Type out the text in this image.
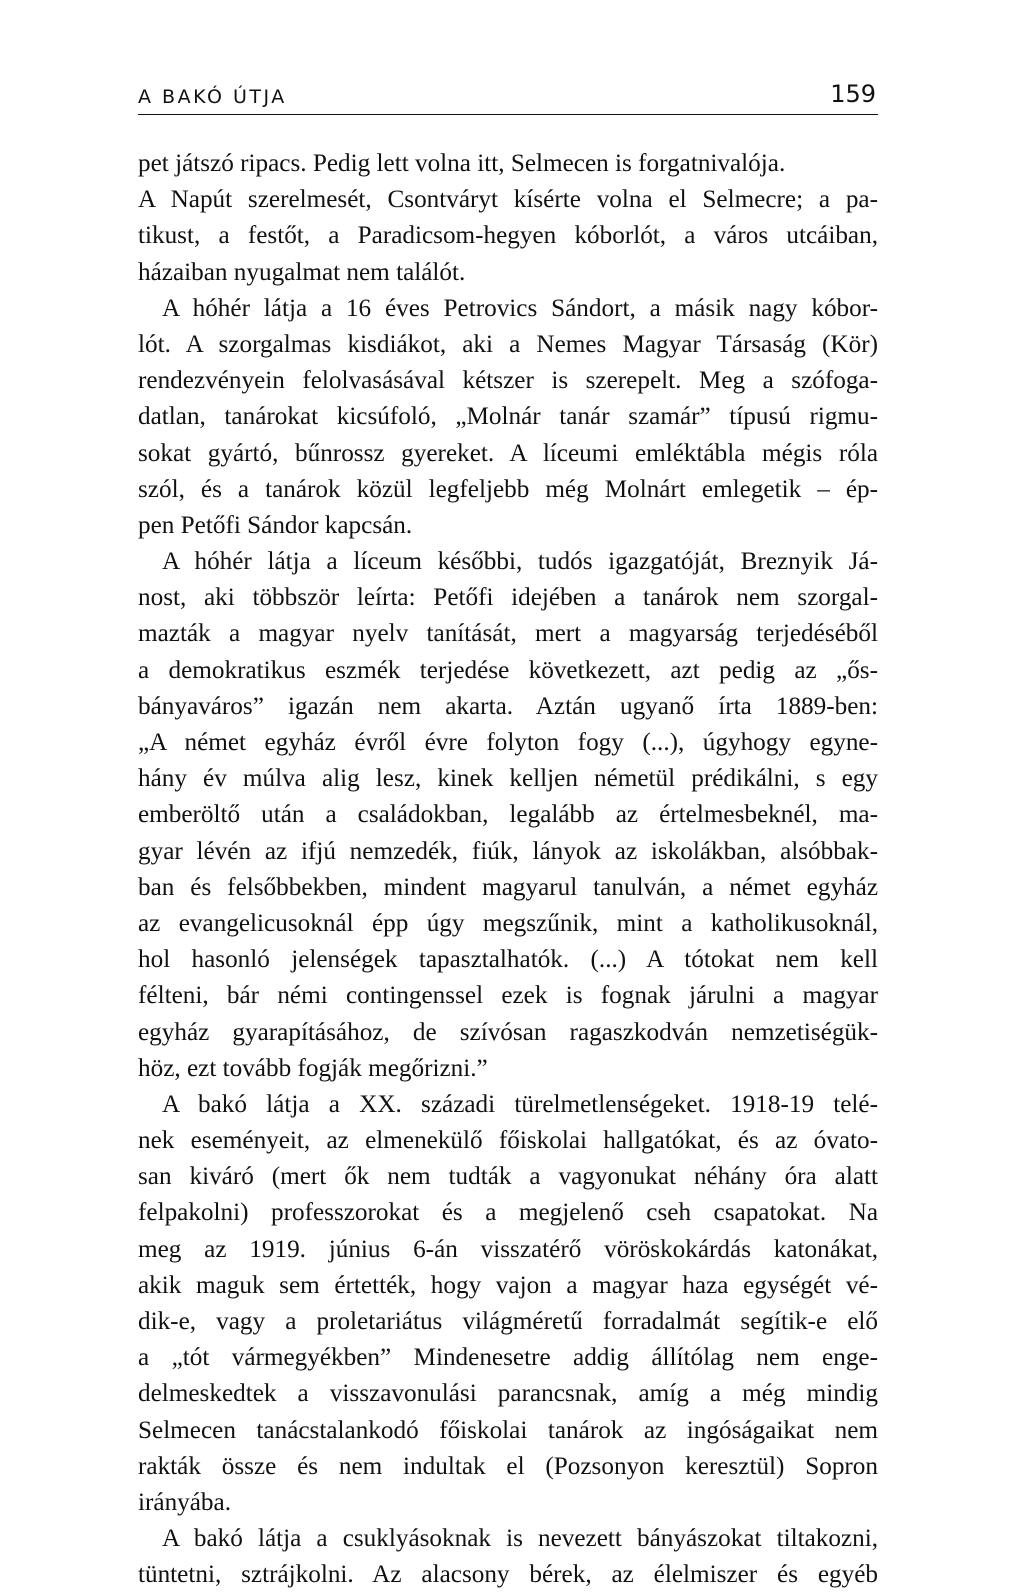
A BAKÓ ÚTJA	159
pet játszó ripacs. Pedig lett volna itt, Selmecen is forgatnivalója.
A Napút szerelmesét, Csontváryt kísérte volna el Selmecre; a pa-
tikust, a festőt, a Paradicsom-hegyen kóborlót, a város utcáiban,
házaiban nyugalmat nem találót.
A hóhér látja a 16 éves Petrovics Sándort, a másik nagy kóbor-
lót. A szorgalmas kisdiákot, aki a Nemes Magyar Társaság (Kör)
rendezvényein felolvasásával kétszer is szerepelt. Meg a szófoga-
datlan, tanárokat kicsúfoló, „Molnár tanár szamár” típusú rigmu-
sokat gyártó, bűnrossz gyereket. A líceumi emléktábla mégis róla
szól, és a tanárok közül legfeljebb még Molnárt emlegetik – ép-
pen Petőfi Sándor kapcsán.
A hóhér látja a líceum későbbi, tudós igazgatóját, Breznyik Já-
nost, aki többször leírta: Petőfi idejében a tanárok nem szorgal-
mazták a magyar nyelv tanítását, mert a magyarság terjedéséből
a demokratikus eszmék terjedése következett, azt pedig az „ős-
bányaváros” igazán nem akarta. Aztán ugyanő írta 1889-ben:
„A német egyház évről évre folyton fogy (...), úgyhogy egyne-
hány év múlva alig lesz, kinek kelljen németül prédikálni, s egy
emberöltő után a családokban, legalább az értelmesbeknél, ma-
gyar lévén az ifjú nemzedék, fiúk, lányok az iskolákban, alsóbbak-
ban és felsőbbekben, mindent magyarul tanulván, a német egyház
az evangelicusoknál épp úgy megszűnik, mint a katholikusoknál,
hol hasonló jelenségek tapasztalhatók. (...) A tótokat nem kell
félteni, bár némi contingenssel ezek is fognak járulni a magyar
egyház gyarapításához, de szívósan ragaszkodván nemzetiségük-
höz, ezt tovább fogják megőrizni.”
A bakó látja a XX. századi türelmetlenségeket. 1918-19 telé-
nek eseményeit, az elmenekülő főiskolai hallgatókat, és az óvato-
san kiváró (mert ők nem tudták a vagyonukat néhány óra alatt
felpakolni) professzorokat és a megjelenő cseh csapatokat. Na
meg az 1919. június 6-án visszatérő vöröskokárdás katonákat,
akik maguk sem értették, hogy vajon a magyar haza egységét vé-
dik-e, vagy a proletariátus világméretű forradalmát segítik-e elő
a „tót vármegyékben” Mindenesetre addig állítólag nem enge-
delmeskedtek a visszavonulási parancsnak, amíg a még mindig
Selmecen tanácstalankodó főiskolai tanárok az ingóságaikat nem
rakták össze és nem indultak el (Pozsonyon keresztül) Sopron
irányába.
A bakó látja a csuklyásoknak is nevezett bányászokat tiltakozni,
tüntetni, sztrájkolni. Az alacsony bérek, az élelmiszer és egyéb
